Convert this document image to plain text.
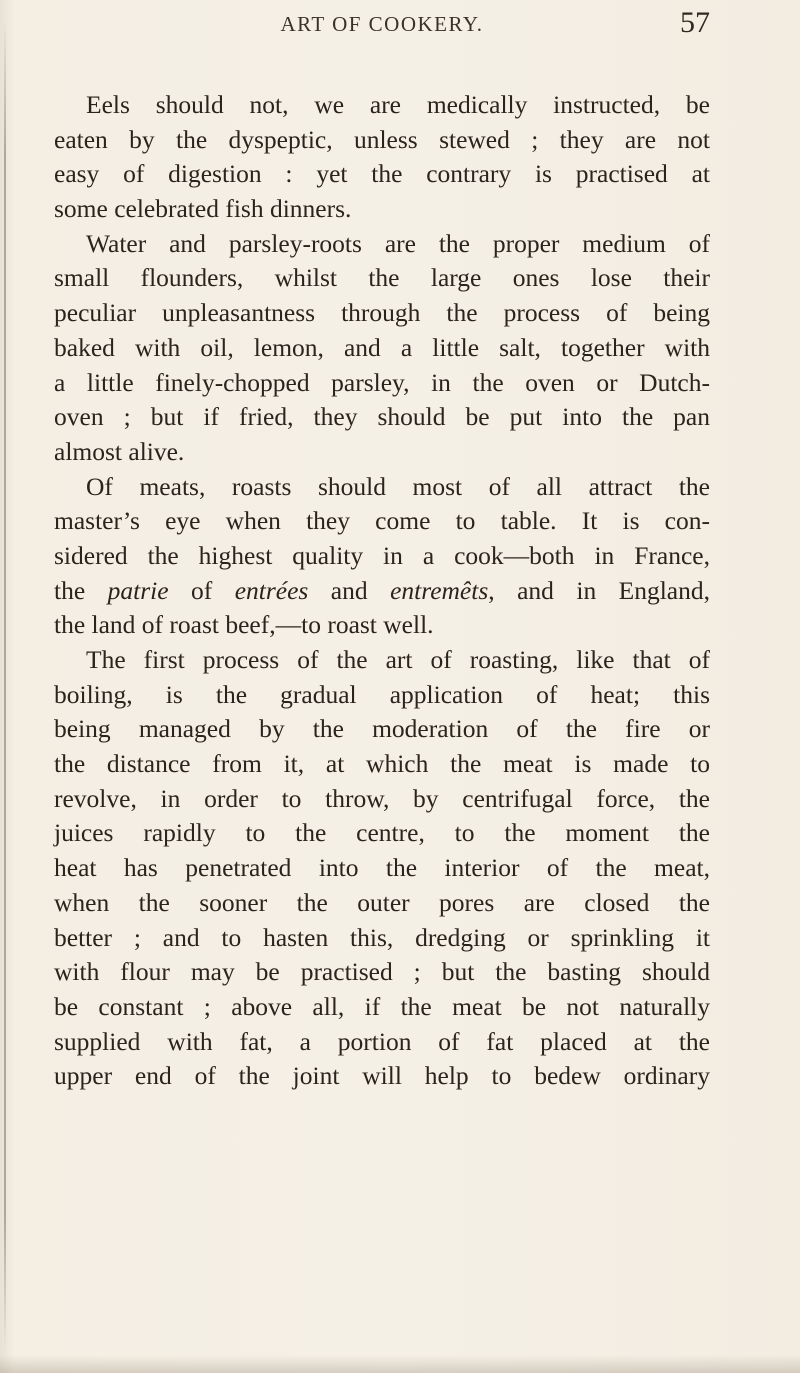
ART OF COOKERY.	57
Eels should not, we are medically instructed, be
eaten by the dyspeptic, unless stewed ; they are not
easy of digestion : yet the contrary is practised at
some celebrated fish dinners.
Water and parsley-roots are the proper medium of
small flounders, whilst the large ones lose their
peculiar unpleasantness through the process of being
baked with oil, lemon, and a little salt, together with
a little finely-chopped parsley, in the oven or Dutch-
oven ; but if fried, they should be put into the pan
almost alive.
Of meats, roasts should most of all attract the
master’s eye when they come to table. It is con-
sidered the highest quality in a cook—both in France,
the patrie of entrées and entremêts, and in England,
the land of roast beef,—to roast well.
The first process of the art of roasting, like that of
boiling, is the gradual application of heat; this
being managed by the moderation of the fire or
the distance from it, at which the meat is made to
revolve, in order to throw, by centrifugal force, the
juices rapidly to the centre, to the moment the
heat has penetrated into the interior of the meat,
when the sooner the outer pores are closed the
better ; and to hasten this, dredging or sprinkling it
with flour may be practised ; but the basting should
be constant ; above all, if the meat be not naturally
supplied with fat, a portion of fat placed at the
upper end of the joint will help to bedew ordinary
